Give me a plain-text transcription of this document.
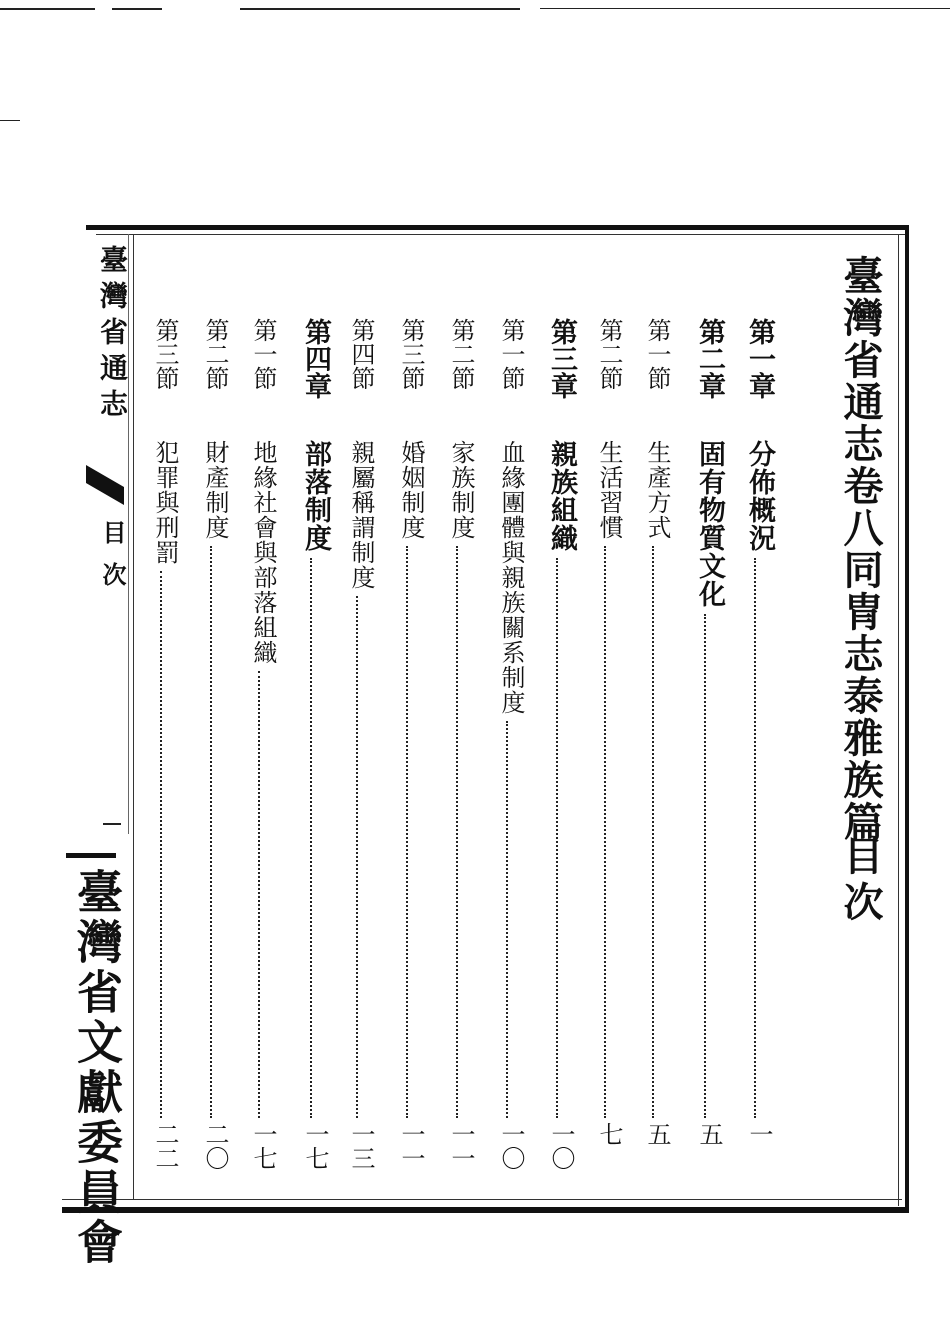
臺灣省通志卷八同冑志泰雅族篇
目次
第一章
分佈概況
一
第二章
固有物質文化
五
第一節
生產方式
五
第二節
生活習慣
七
第三章
親族組織
一〇
第一節
血緣團體與親族關系制度
一〇
第二節
家族制度
一一
第三節
婚姻制度
一一
第四節
親屬稱謂制度
一三
第四章
部落制度
一七
第一節
地緣社會與部落組織
一七
第二節
財產制度
二〇
第三節
犯罪與刑罰
二二
臺灣省通志
目次
臺灣省文獻委員會
